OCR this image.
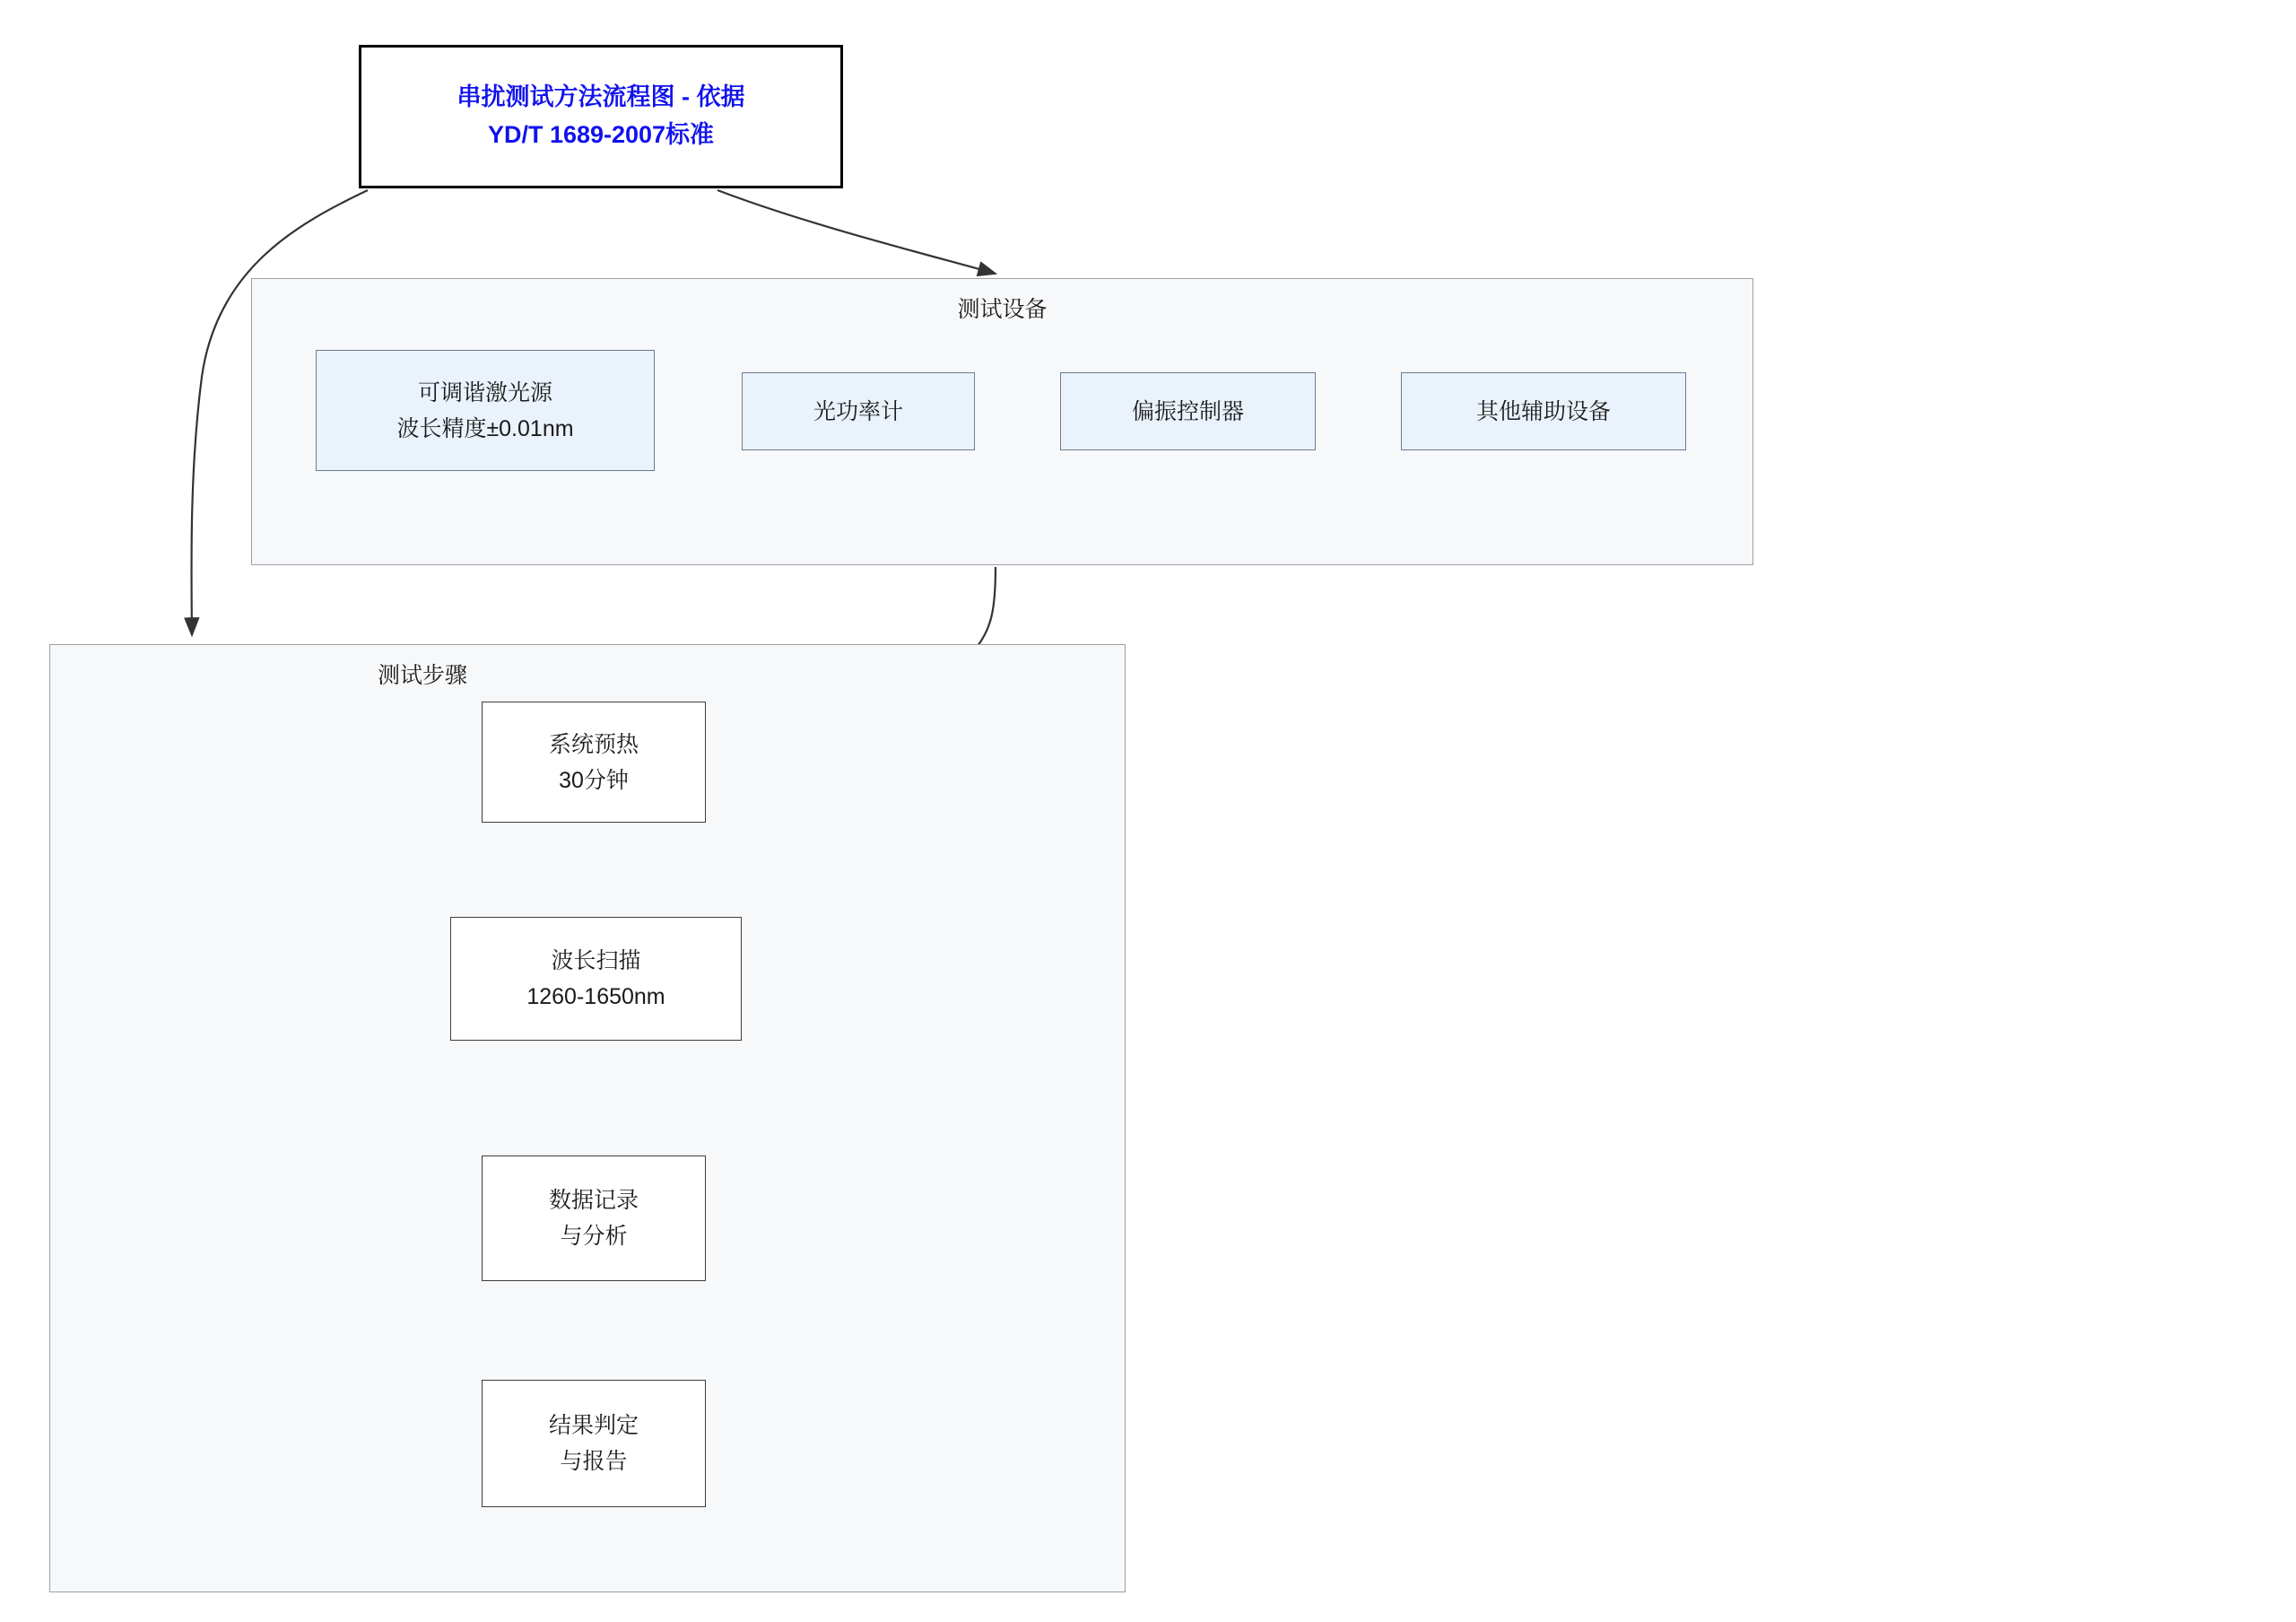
串扰测试方法流程图 - 依据
YD/T 1689-2007标准
测试设备
可调谐激光源
波长精度±0.01nm
光功率计	偏振控制器	其他辅助设备
测试步骤
系统预热
30分钟
波长扫描
1260-1650nm
数据记录
与分析
结果判定
与报告
